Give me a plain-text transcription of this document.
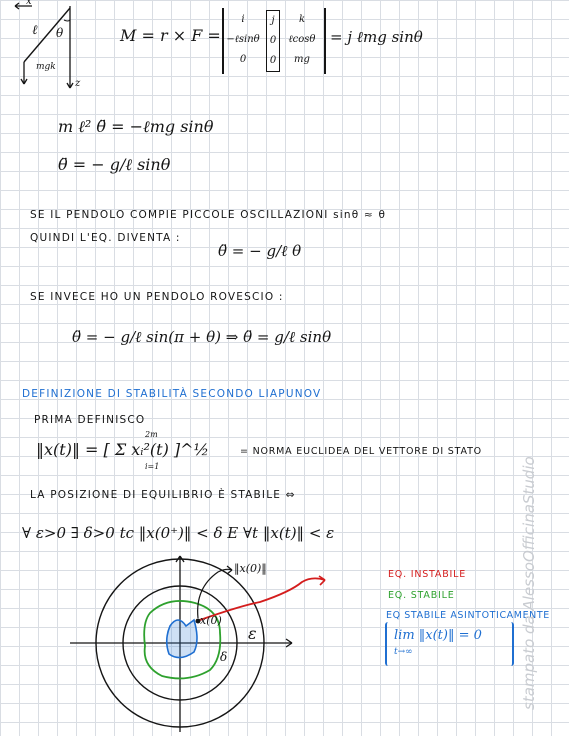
ℓ θ
mgk
x
z
M = r × F =
i
−ℓsinθ
0
j
0
0
k
ℓcosθ
mg
= j ℓmg sinθ
m ℓ² θ̈ = −ℓmg sinθ
θ̈ = − g/ℓ sinθ
SE IL PENDOLO COMPIE PICCOLE OSCILLAZIONI sinθ ≈ θ
QUINDI L'EQ. DIVENTA :
θ̈ = − g/ℓ θ
SE INVECE HO UN PENDOLO ROVESCIO :
θ̈ = − g/ℓ sin(π + θ) ⇒ θ̈ = g/ℓ sinθ
DEFINIZIONE DI STABILITÀ SECONDO LIAPUNOV
PRIMA DEFINISCO
‖x(t)‖ = [ Σ xᵢ²(t) ]^½
2m
i=1
= NORMA EUCLIDEA DEL VETTORE DI STATO
LA POSIZIONE DI EQUILIBRIO È STABILE ⇔
∀ ε>0 ∃ δ>0 tc ‖x(0⁺)‖ < δ E ∀t ‖x(t)‖ < ε
‖x(0)‖
x(0)
ε
δ
EQ. INSTABILE
EQ. STABILE
EQ STABILE ASINTOTICAMENTE
lim ‖x(t)‖ = 0
t→∞	stampato da AlessoOfficinaStudio
